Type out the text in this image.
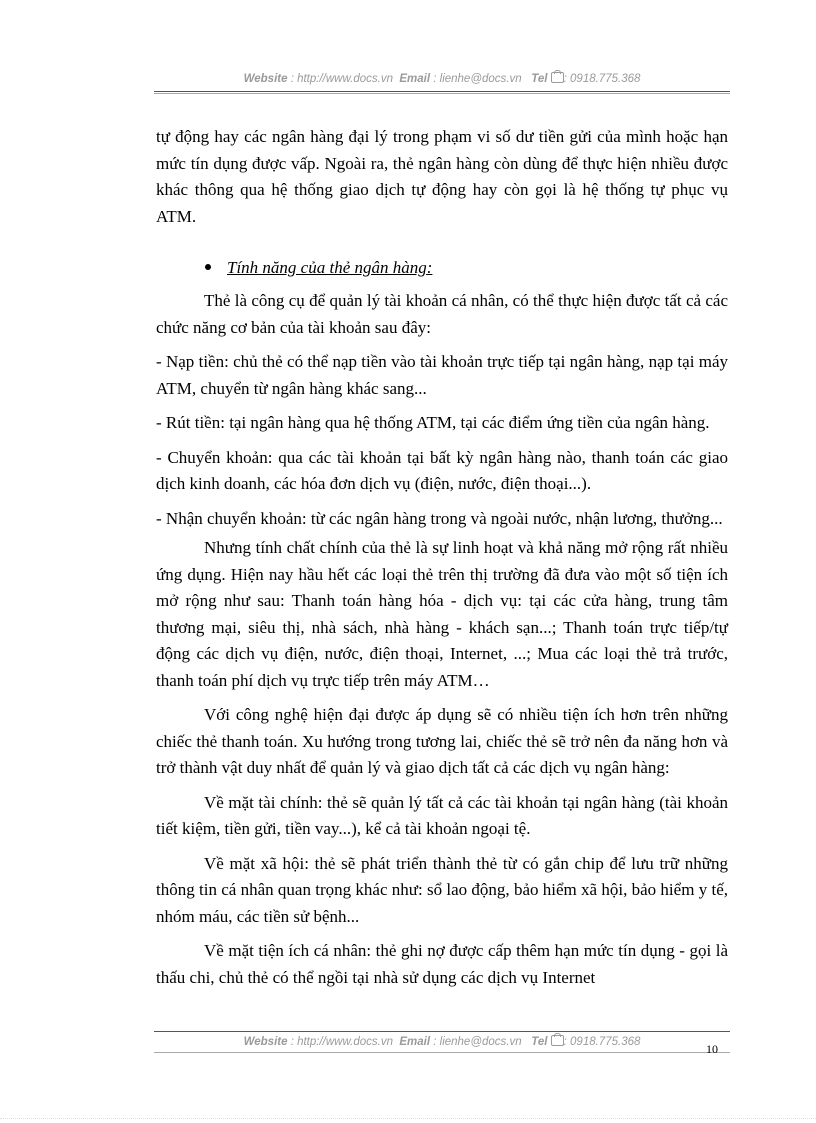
Website : http://www.docs.vn Email : lienhe@docs.vn Tel : 0918.775.368

tự động hay các ngân hàng đại lý trong phạm vi số dư tiền gửi của mình hoặc hạn mức tín dụng được vấp. Ngoài ra, thẻ ngân hàng còn dùng để thực hiện nhiều được khác thông qua hệ thống giao dịch tự động hay còn gọi là hệ thống tự phục vụ ATM.

Tính năng của thẻ ngân hàng:

Thẻ là công cụ để quản lý tài khoản cá nhân, có thể thực hiện được tất cả các chức năng cơ bản của tài khoản sau đây:

- Nạp tiền: chủ thẻ có thể nạp tiền vào tài khoản trực tiếp tại ngân hàng, nạp tại máy ATM, chuyển từ ngân hàng khác sang...

- Rút tiền: tại ngân hàng qua hệ thống ATM, tại các điểm ứng tiền của ngân hàng.

- Chuyển khoản: qua các tài khoản tại bất kỳ ngân hàng nào, thanh toán các giao dịch kinh doanh, các hóa đơn dịch vụ (điện, nước, điện thoại...).

- Nhận chuyển khoản: từ các ngân hàng trong và ngoài nước, nhận lương, thưởng...

Nhưng tính chất chính của thẻ là sự linh hoạt và khả năng mở rộng rất nhiều ứng dụng. Hiện nay hầu hết các loại thẻ trên thị trường đã đưa vào một số tiện ích mở rộng như sau: Thanh toán hàng hóa - dịch vụ: tại các cửa hàng, trung tâm thương mại, siêu thị, nhà sách, nhà hàng - khách sạn...; Thanh toán trực tiếp/tự động các dịch vụ điện, nước, điện thoại, Internet, ...; Mua các loại thẻ trả trước, thanh toán phí dịch vụ trực tiếp trên máy ATM…

Với công nghệ hiện đại được áp dụng sẽ có nhiều tiện ích hơn trên những chiếc thẻ thanh toán. Xu hướng trong tương lai, chiếc thẻ sẽ trở nên đa năng hơn và trở thành vật duy nhất để quản lý và giao dịch tất cả các dịch vụ ngân hàng:

Về mặt tài chính: thẻ sẽ quản lý tất cả các tài khoản tại ngân hàng (tài khoản tiết kiệm, tiền gửi, tiền vay...), kể cả tài khoản ngoại tệ.

Về mặt xã hội: thẻ sẽ phát triển thành thẻ từ có gắn chip để lưu trữ những thông tin cá nhân quan trọng khác như: sổ lao động, bảo hiểm xã hội, bảo hiểm y tế, nhóm máu, các tiền sử bệnh...

Về mặt tiện ích cá nhân: thẻ ghi nợ được cấp thêm hạn mức tín dụng - gọi là thấu chi, chủ thẻ có thể ngồi tại nhà sử dụng các dịch vụ Internet

Website : http://www.docs.vn Email : lienhe@docs.vn Tel : 0918.775.368	10
